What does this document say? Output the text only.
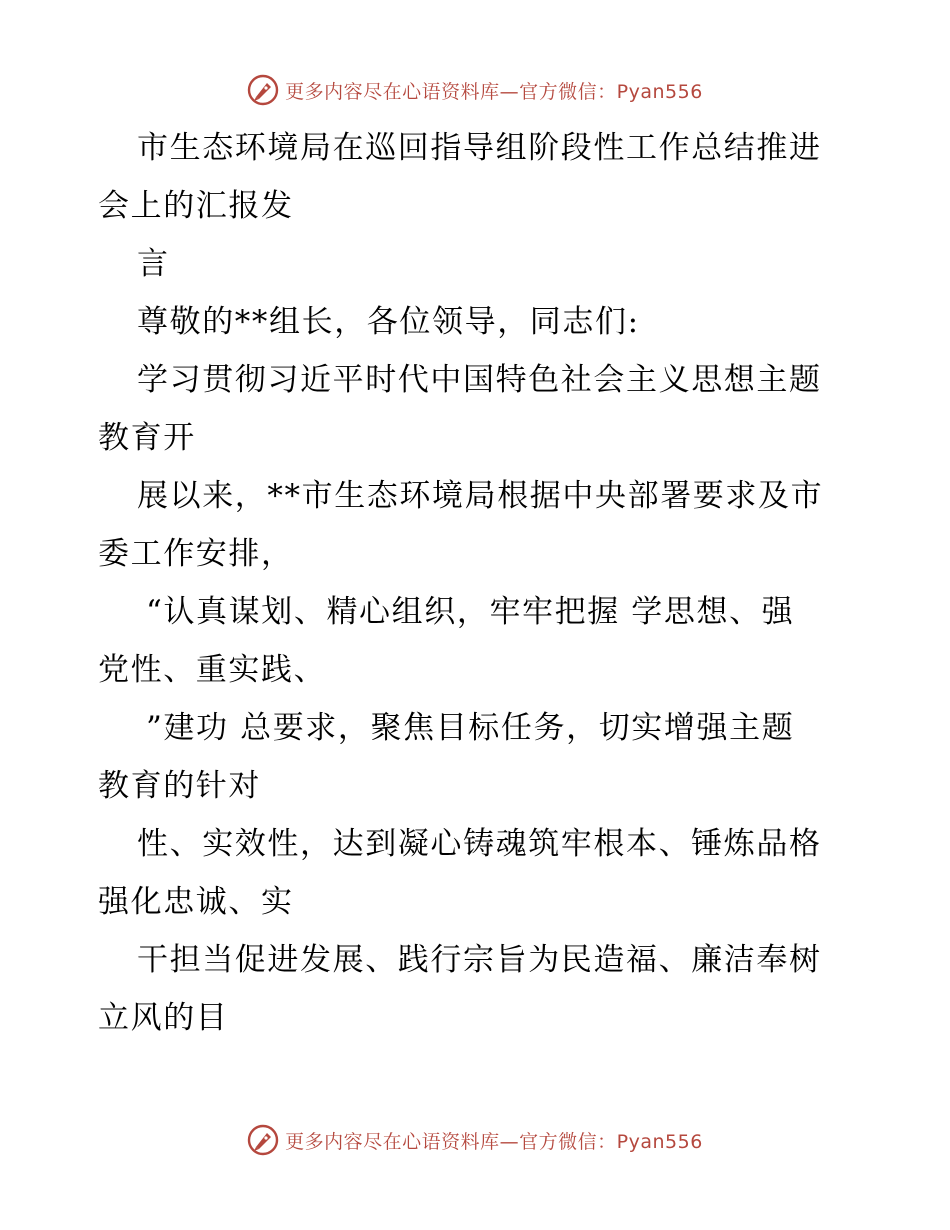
更多内容尽在心语资料库—官方微信：Pyan556
市生态环境局在巡回指导组阶段性工作总结推进
会上的汇报发
言
尊敬的**组长，各位领导，同志们:
学习贯彻习近平时代中国特色社会主义思想主题
教育开
展以来，**市生态环境局根据中央部署要求及市
委工作安排，
“认真谋划、精心组织，牢牢把握 学思想、强
党性、重实践、
”建功 总要求，聚焦目标任务，切实增强主题
教育的针对
性、实效性，达到凝心铸魂筑牢根本、锤炼品格
强化忠诚、实
干担当促进发展、践行宗旨为民造福、廉洁奉树
立风的目
更多内容尽在心语资料库—官方微信：Pyan556
